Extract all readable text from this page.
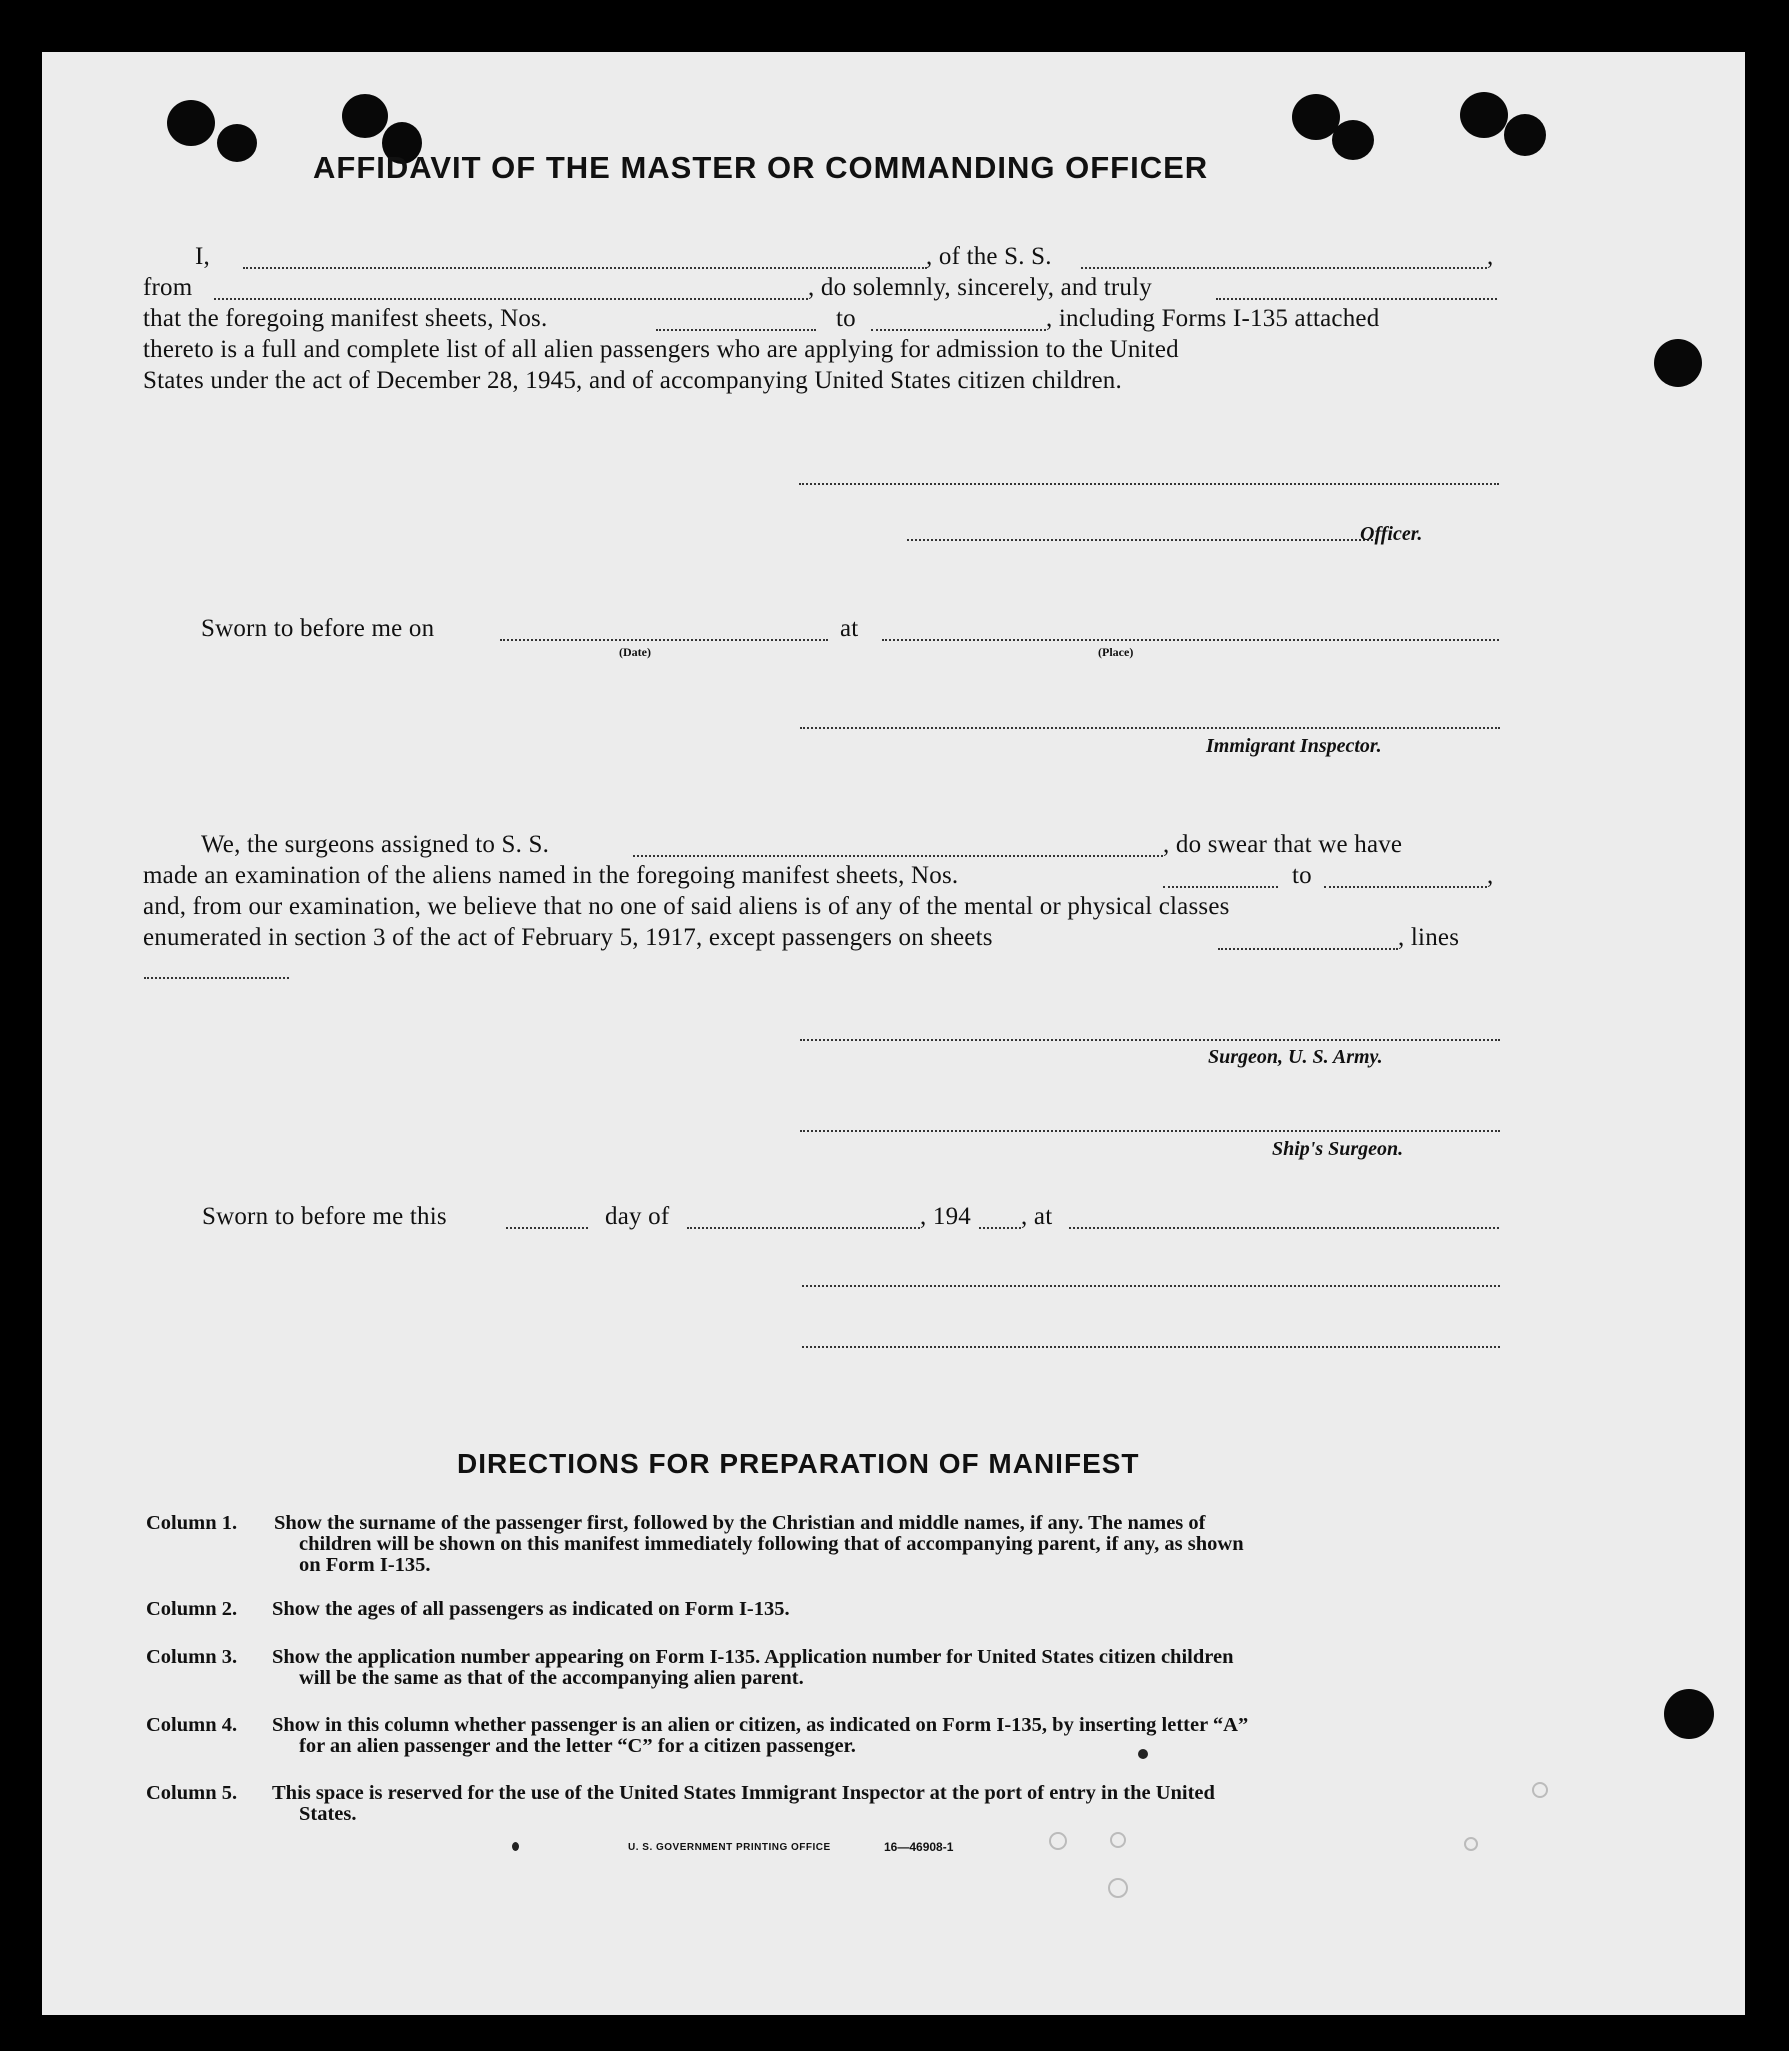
AFFIDAVIT OF THE MASTER OR COMMANDING OFFICER
I,	, of the S. S.	,
from	, do solemnly, sincerely, and truly
that the foregoing manifest sheets, Nos.	to	, including Forms I-135 attached
thereto is a full and complete list of all alien passengers who are applying for admission to the United
States under the act of December 28, 1945, and of accompanying United States citizen children.
Officer.
Sworn to before me on
(Date)
at
(Place)
Immigrant Inspector.
We, the surgeons assigned to S. S.	, do swear that we have
made an examination of the aliens named in the foregoing manifest sheets, Nos.	to	,
and, from our examination, we believe that no one of said aliens is of any of the mental or physical classes
enumerated in section 3 of the act of February 5, 1917, except passengers on sheets	, lines
Surgeon, U. S. Army.
Ship's Surgeon.
Sworn to before me this	day of	, 194 , at
DIRECTIONS FOR PREPARATION OF MANIFEST
Column 1. Show the surname of the passenger first, followed by the Christian and middle names, if any. The names of
children will be shown on this manifest immediately following that of accompanying parent, if any, as shown
on Form I-135.
Column 2. Show the ages of all passengers as indicated on Form I-135.
Column 3. Show the application number appearing on Form I-135. Application number for United States citizen children
will be the same as that of the accompanying alien parent.
Column 4. Show in this column whether passenger is an alien or citizen, as indicated on Form I-135, by inserting letter “A”
for an alien passenger and the letter “C” for a citizen passenger.
Column 5. This space is reserved for the use of the United States Immigrant Inspector at the port of entry in the United
States.
U. S. GOVERNMENT PRINTING OFFICE	16—46908-1
